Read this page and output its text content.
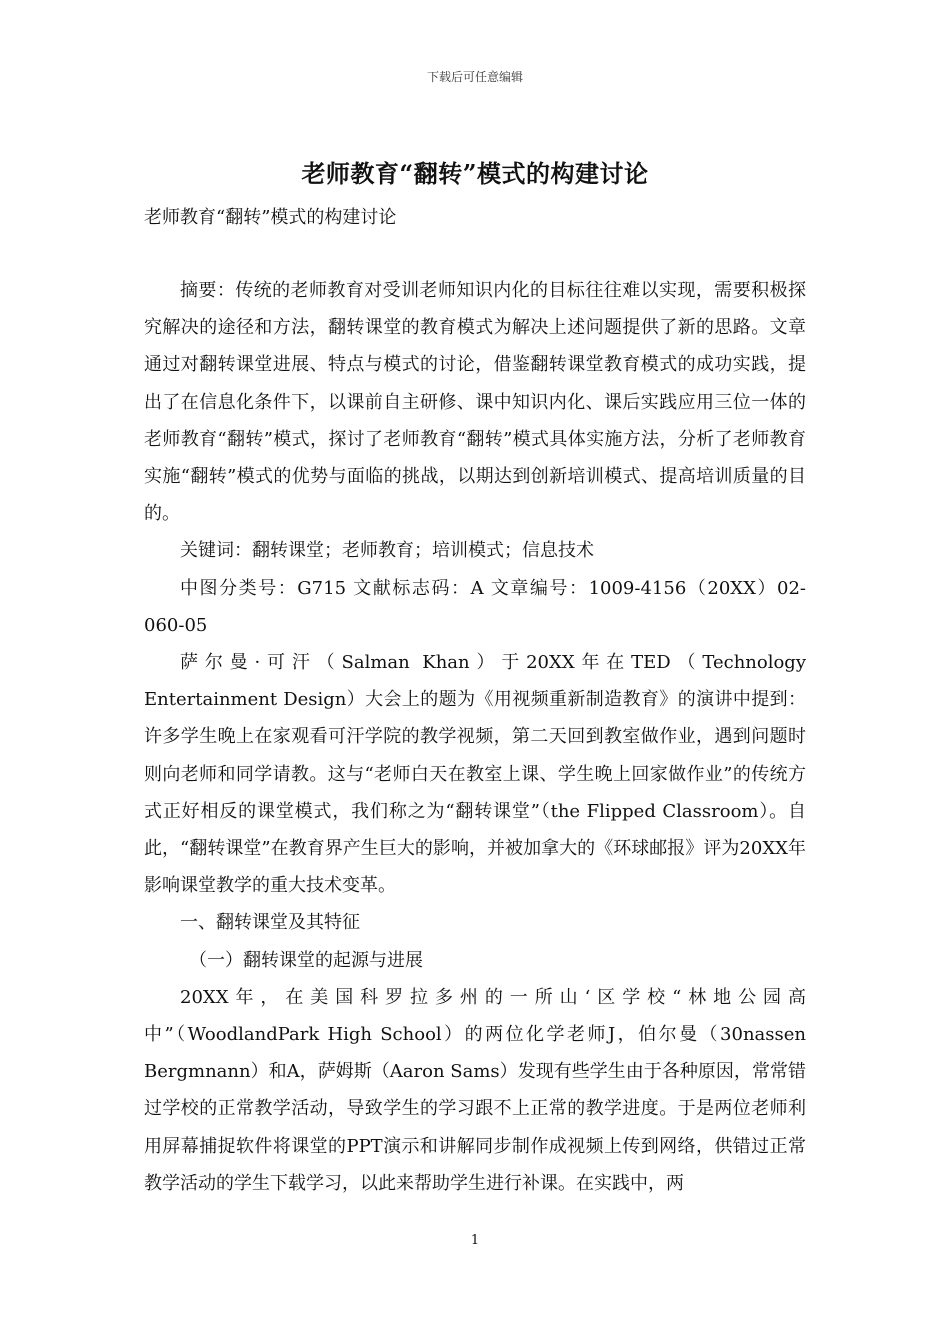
下载后可任意编辑
老师教育“翻转”模式的构建讨论
老师教育“翻转”模式的构建讨论

摘要：传统的老师教育对受训老师知识内化的目标往往难以实现，需要积极探究解决的途径和方法，翻转课堂的教育模式为解决上述问题提供了新的思路。文章通过对翻转课堂进展、特点与模式的讨论，借鉴翻转课堂教育模式的成功实践，提出了在信息化条件下，以课前自主研修、课中知识内化、课后实践应用三位一体的老师教育“翻转”模式，探讨了老师教育“翻转”模式具体实施方法，分析了老师教育实施“翻转”模式的优势与面临的挑战，以期达到创新培训模式、提高培训质量的目的。

关键词：翻转课堂；老师教育；培训模式；信息技术

中图分类号：G715 文献标志码：A 文章编号：1009-4156（20XX）02-060-05

萨尔曼·可汗（Salman Khan）于20XX年在TED（Technology Entertainment Design）大会上的题为《用视频重新制造教育》的演讲中提到：许多学生晚上在家观看可汗学院的教学视频，第二天回到教室做作业，遇到问题时则向老师和同学请教。这与“老师白天在教室上课、学生晚上回家做作业”的传统方式正好相反的课堂模式，我们称之为“翻转课堂”（the Flipped Classroom）。自此，“翻转课堂”在教育界产生巨大的影响，并被加拿大的《环球邮报》评为20XX年影响课堂教学的重大技术变革。

一、翻转课堂及其特征

（一）翻转课堂的起源与进展

20XX年，在美国科罗拉多州的一所山‘区学校“林地公园高中”（WoodlandPark High School）的两位化学老师J，伯尔曼（30nassen Bergmnann）和A，萨姆斯（Aaron Sams）发现有些学生由于各种原因，常常错过学校的正常教学活动，导致学生的学习跟不上正常的教学进度。于是两位老师利用屏幕捕捉软件将课堂的PPT演示和讲解同步制作成视频上传到网络，供错过正常教学活动的学生下载学习，以此来帮助学生进行补课。在实践中，两

1
